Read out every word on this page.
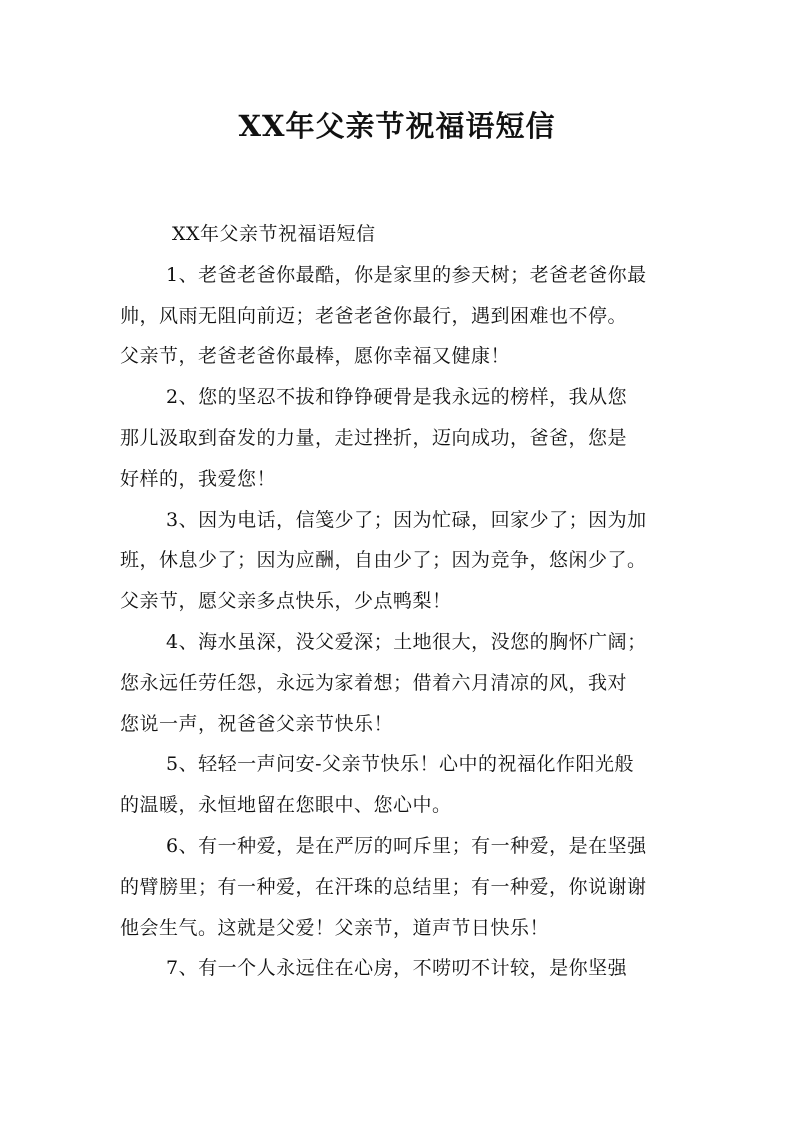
XX年父亲节祝福语短信
XX年父亲节祝福语短信
1、老爸老爸你最酷，你是家里的参天树；老爸老爸你最
帅，风雨无阻向前迈；老爸老爸你最行，遇到困难也不停。
父亲节，老爸老爸你最棒，愿你幸福又健康！
2、您的坚忍不拔和铮铮硬骨是我永远的榜样，我从您
那儿汲取到奋发的力量，走过挫折，迈向成功，爸爸，您是
好样的，我爱您！
3、因为电话，信笺少了；因为忙碌，回家少了；因为加
班，休息少了；因为应酬，自由少了；因为竞争，悠闲少了。
父亲节，愿父亲多点快乐，少点鸭梨！
4、海水虽深，没父爱深；土地很大，没您的胸怀广阔；
您永远任劳任怨，永远为家着想；借着六月清凉的风，我对
您说一声，祝爸爸父亲节快乐！
5、轻轻一声问安-父亲节快乐！心中的祝福化作阳光般
的温暖，永恒地留在您眼中、您心中。
6、有一种爱，是在严厉的呵斥里；有一种爱，是在坚强
的臂膀里；有一种爱，在汗珠的总结里；有一种爱，你说谢谢
他会生气。这就是父爱！父亲节，道声节日快乐！
7、有一个人永远住在心房，不唠叨不计较，是你坚强
